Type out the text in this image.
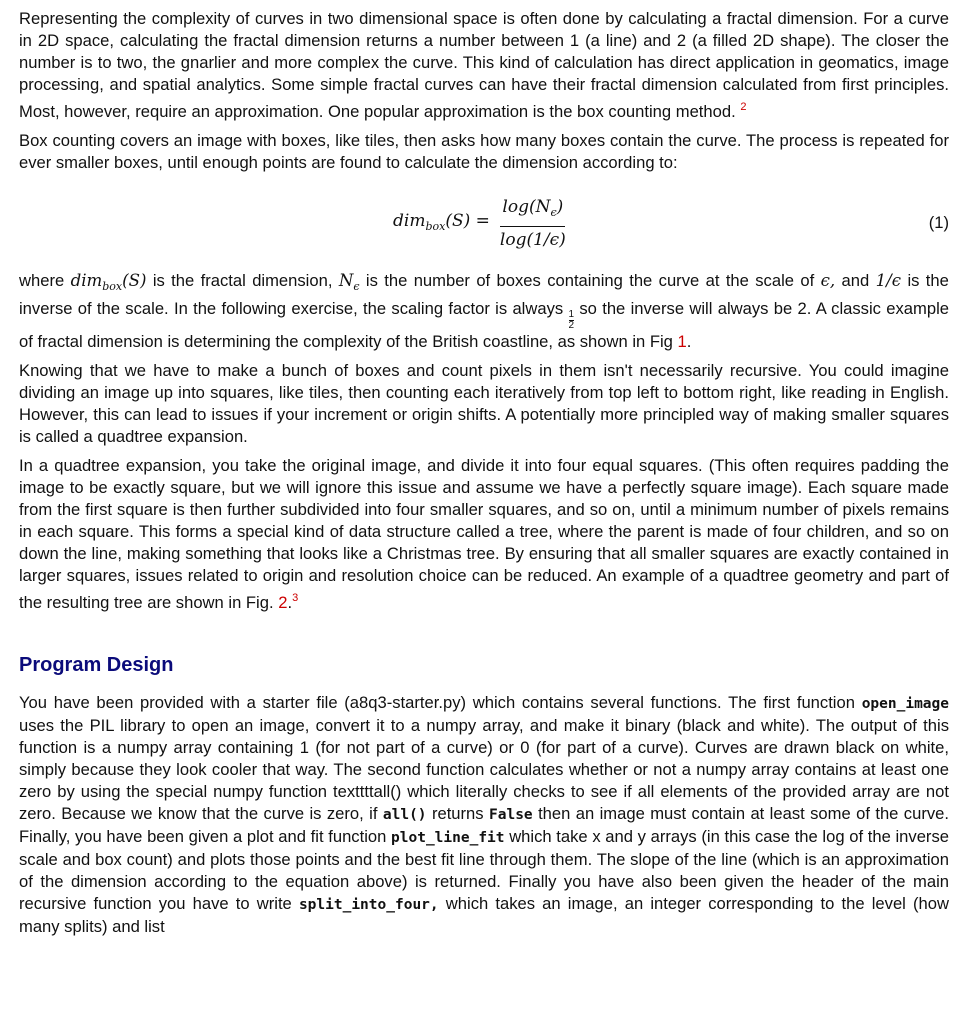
Representing the complexity of curves in two dimensional space is often done by calculating a fractal dimension. For a curve in 2D space, calculating the fractal dimension returns a number between 1 (a line) and 2 (a filled 2D shape). The closer the number is to two, the gnarlier and more complex the curve. This kind of calculation has direct application in geomatics, image processing, and spatial analytics. Some simple fractal curves can have their fractal dimension calculated from first principles. Most, however, require an approximation. One popular approximation is the box counting method. $^2$

Box counting covers an image with boxes, like tiles, then asks how many boxes contain the curve. The process is repeated for ever smaller boxes, until enough points are found to calculate the dimension according to:

$dim_{box}(S) = \frac{\log(N_\epsilon)}{\log(1/\epsilon)}$	(1)

where dim$_{box}$(S) is the fractal dimension, $N_\epsilon$ is the number of boxes containing the curve at the scale of ϵ, and 1/ϵ is the inverse of the scale. In the following exercise, the scaling factor is always
$\frac{1}{2}$
so the inverse will always be 2. A classic example of fractal dimension is determining the complexity of the British coastline, as shown in Fig 1.

Knowing that we have to make a bunch of boxes and count pixels in them isn't necessarily recursive. You could imagine dividing an image up into squares, like tiles, then counting each iteratively from top left to bottom right, like reading in English. However, this can lead to issues if your increment or origin shifts. A potentially more principled way of making smaller squares is called a quadtree expansion.

In a quadtree expansion, you take the original image, and divide it into four equal squares. (This often requires padding the image to be exactly square, but we will ignore this issue and assume we have a perfectly square image). Each square made from the first square is then further subdivided into four smaller squares, and so on, until a minimum number of pixels remains in each square. This forms a special kind of data structure called a tree, where the parent is made of four children, and so on down the line, making something that looks like a Christmas tree. By ensuring that all smaller squares are exactly contained in larger squares, issues related to origin and resolution choice can be reduced. An example of a quadtree geometry and part of the resulting tree are shown in Fig. 2.$^3$

Program Design

You have been provided with a starter file (a8q3-starter.py) which contains several functions. The first function open_image uses the PIL library to open an image, convert it to a numpy array, and make it binary (black and white). The output of this function is a numpy array containing 1 (for not part of a curve) or 0 (for part of a curve). Curves are drawn black on white, simply because they look cooler that way. The second function calculates whether or not a numpy array contains at least one zero by using the special numpy function texttttall() which literally checks to see if all elements of the provided array are not zero. Because we know that the curve is zero, if all() returns False then an image must contain at least some of the curve. Finally, you have been given a plot and fit function plot_line_fit which take x and y arrays (in this case the log of the inverse scale and box count) and plots those points and the best fit line through them. The slope of the line (which is an approximation of the dimension according to the equation above) is returned. Finally you have also been given the header of the main recursive function you have to write split_into_four, which takes an image, an integer corresponding to the level (how many splits) and list
